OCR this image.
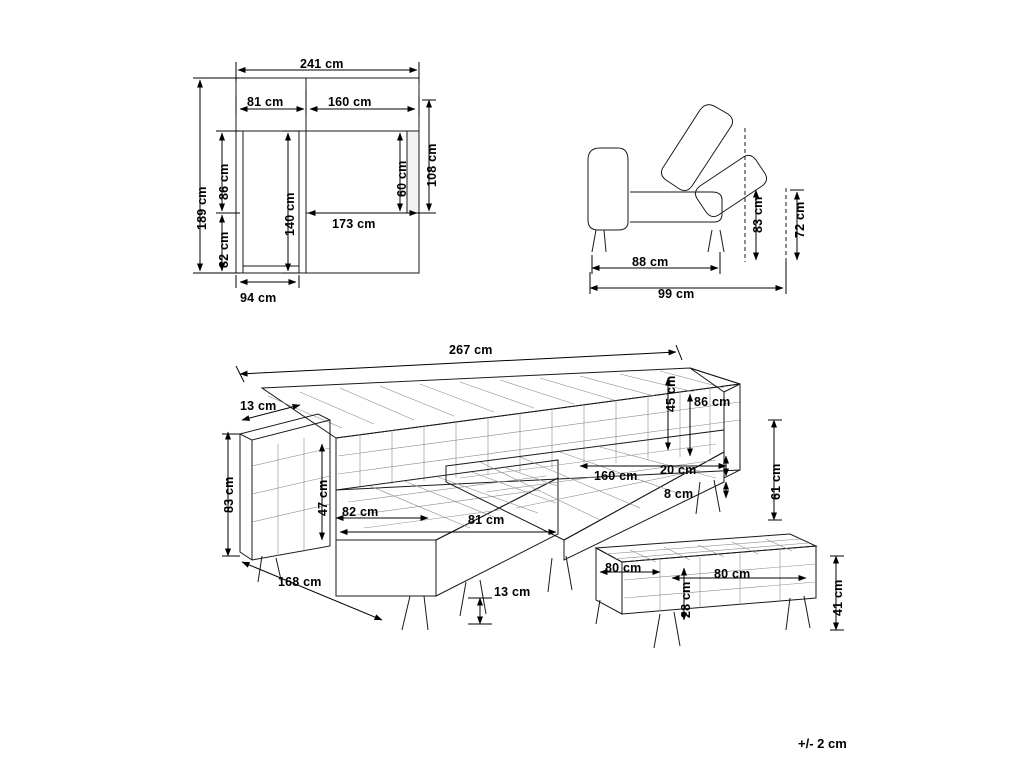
241 cm
81 cm	160 cm
189 cm
86 cm
82 cm
140 cm	173 cm
60 cm 108 cm
94 cm
88 cm
99 cm
83 cm 72 cm
267 cm
13 cm
83 cm	47 cm
168 cm
82 cm
81 cm
13 cm
45 cm 86 cm
160 cm 20 cm
8 cm	61 cm
80 cm	80 cm
28 cm	41 cm
+/- 2 cm
